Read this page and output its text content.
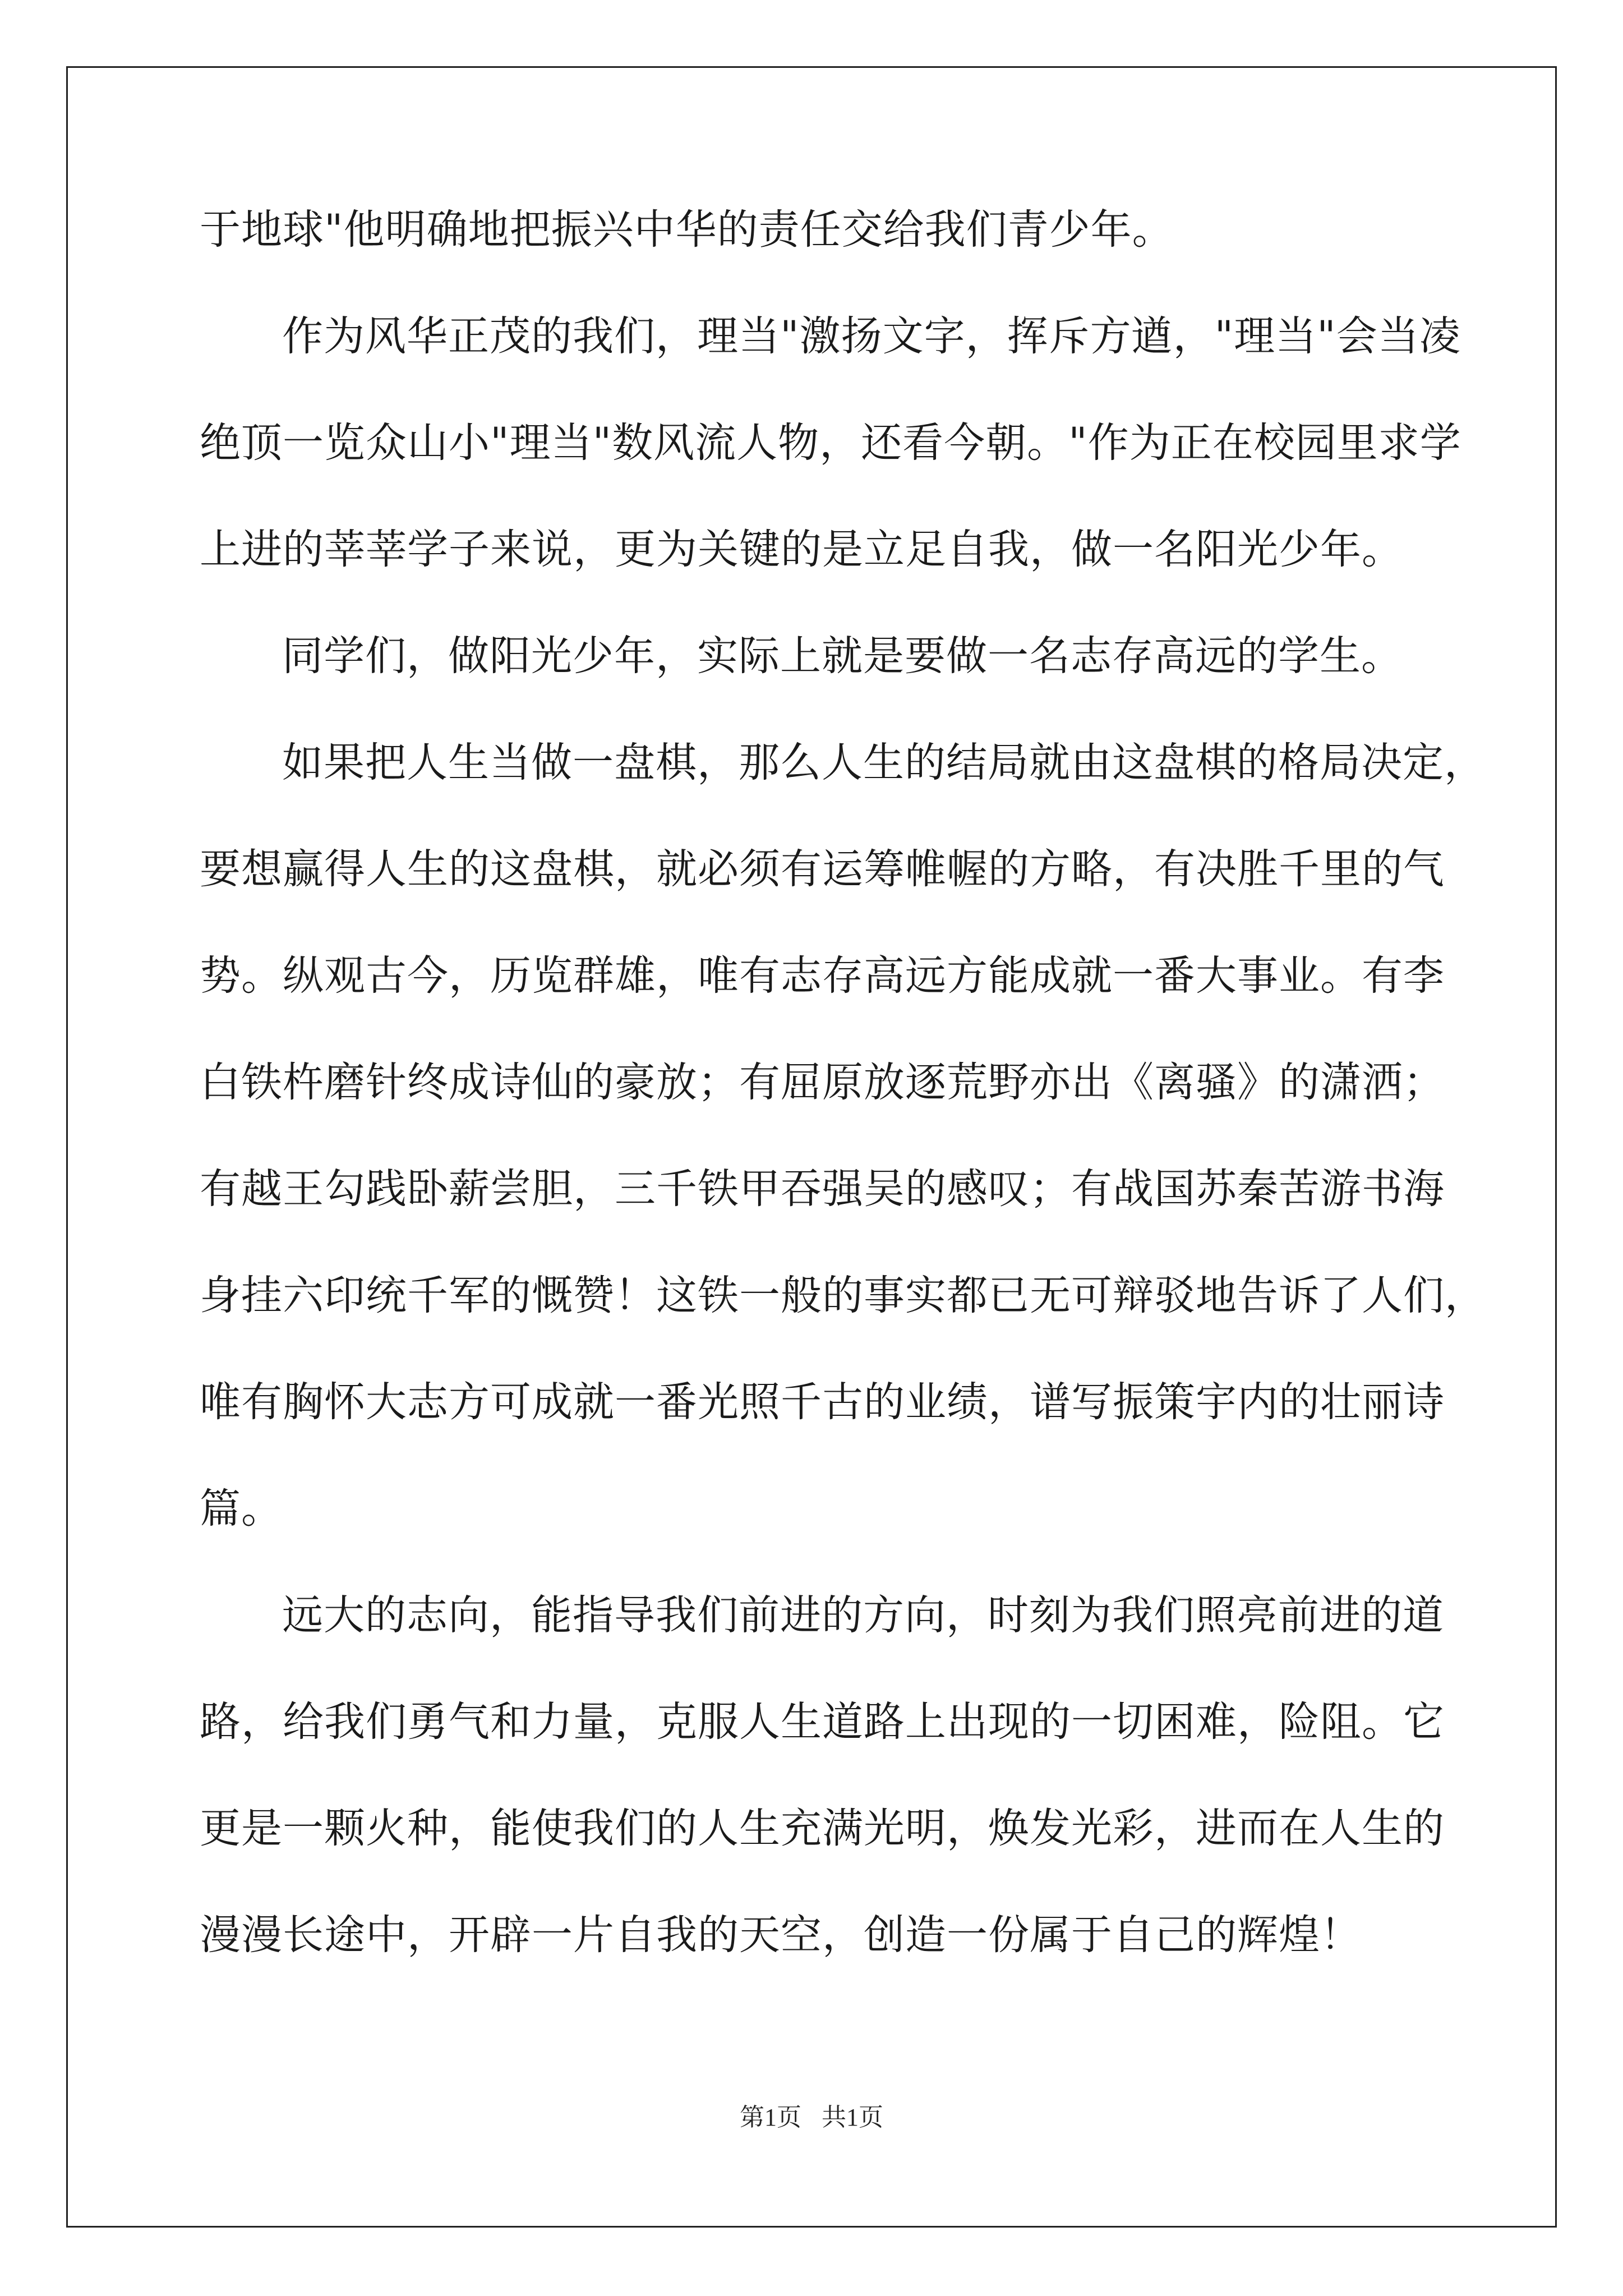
于地球"他明确地把振兴中华的责任交给我们青少年。
作为风华正茂的我们，理当"激扬文字，挥斥方遒，"理当"会当凌
绝顶一览众山小"理当"数风流人物，还看今朝。"作为正在校园里求学
上进的莘莘学子来说，更为关键的是立足自我，做一名阳光少年。
同学们，做阳光少年，实际上就是要做一名志存高远的学生。
如果把人生当做一盘棋，那么人生的结局就由这盘棋的格局决定，
要想赢得人生的这盘棋，就必须有运筹帷幄的方略，有决胜千里的气
势。纵观古今，历览群雄，唯有志存高远方能成就一番大事业。有李
白铁杵磨针终成诗仙的豪放；有屈原放逐荒野亦出《离骚》的潇洒；
有越王勾践卧薪尝胆，三千铁甲吞强吴的感叹；有战国苏秦苦游书海
身挂六印统千军的慨赞！这铁一般的事实都已无可辩驳地告诉了人们，
唯有胸怀大志方可成就一番光照千古的业绩，谱写振策宇内的壮丽诗
篇。
远大的志向，能指导我们前进的方向，时刻为我们照亮前进的道
路，给我们勇气和力量，克服人生道路上出现的一切困难，险阻。它
更是一颗火种，能使我们的人生充满光明，焕发光彩，进而在人生的
漫漫长途中，开辟一片自我的天空，创造一份属于自己的辉煌！
第1页 共1页
